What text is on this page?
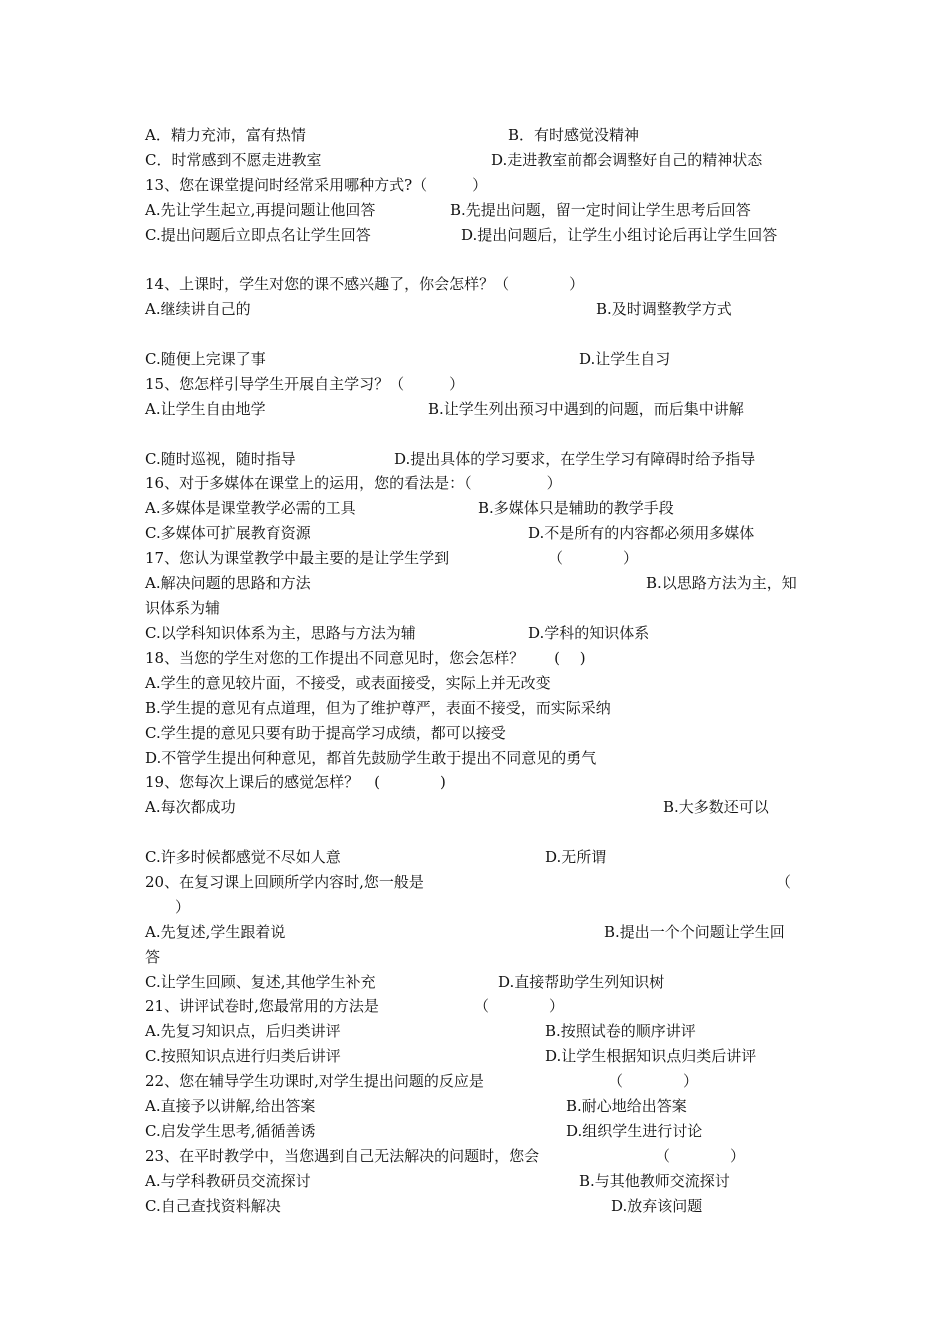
A．精力充沛，富有热情	B．有时感觉没精神
C．时常感到不愿走进教室	D.走进教室前都会调整好自己的精神状态
13、您在课堂提问时经常采用哪种方式?（　　　）
A.先让学生起立,再提问题让他回答	B.先提出问题，留一定时间让学生思考后回答
C.提出问题后立即点名让学生回答	D.提出问题后，让学生小组讨论后再让学生回答
14、上课时，学生对您的课不感兴趣了，你会怎样？（　　　　）
A.继续讲自己的	B.及时调整教学方式
C.随便上完课了事	D.让学生自习
15、您怎样引导学生开展自主学习？（　　　）
A.让学生自由地学	B.让学生列出预习中遇到的问题，而后集中讲解
C.随时巡视，随时指导	D.提出具体的学习要求，在学生学习有障碍时给予指导
16、对于多媒体在课堂上的运用，您的看法是：（　　　　　）
A.多媒体是课堂教学必需的工具	B.多媒体只是辅助的教学手段
C.多媒体可扩展教育资源	D.不是所有的内容都必须用多媒体
17、您认为课堂教学中最主要的是让学生学到	（　　　　）
A.解决问题的思路和方法	B.以思路方法为主，知
识体系为辅
C.以学科知识体系为主，思路与方法为辅	D.学科的知识体系
18、当您的学生对您的工作提出不同意见时，您会怎样？　　(　 )
A.学生的意见较片面，不接受，或表面接受，实际上并无改变
B.学生提的意见有点道理，但为了维护尊严，表面不接受，而实际采纳
C.学生提的意见只要有助于提高学习成绩，都可以接受
D.不管学生提出何种意见，都首先鼓励学生敢于提出不同意见的勇气
19、您每次上课后的感觉怎样？　(　　　　)
A.每次都成功	B.大多数还可以
C.许多时候都感觉不尽如人意	D.无所谓
20、在复习课上回顾所学内容时,您一般是	（
）
A.先复述,学生跟着说	B.提出一个个问题让学生回
答
C.让学生回顾、复述,其他学生补充	D.直接帮助学生列知识树
21、讲评试卷时,您最常用的方法是	（　　　　）
A.先复习知识点，后归类讲评	B.按照试卷的顺序讲评
C.按照知识点进行归类后讲评	D.让学生根据知识点归类后讲评
22、您在辅导学生功课时,对学生提出问题的反应是	（　　　　）
A.直接予以讲解,给出答案	B.耐心地给出答案
C.启发学生思考,循循善诱	D.组织学生进行讨论
23、在平时教学中，当您遇到自己无法解决的问题时，您会	（　　　　）
A.与学科教研员交流探讨	B.与其他教师交流探讨
C.自己查找资料解决	D.放弃该问题
